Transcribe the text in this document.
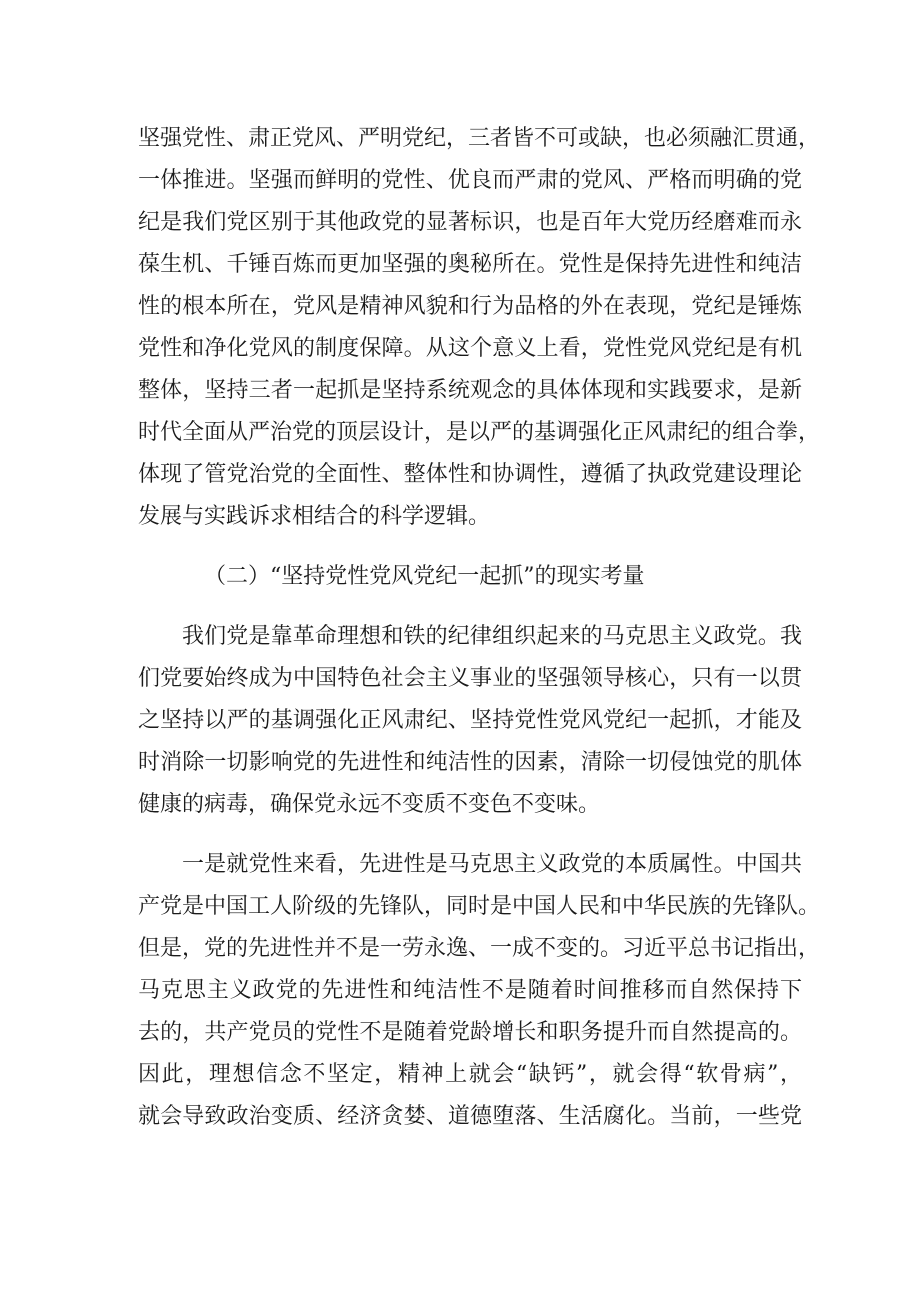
坚强党性、肃正党风、严明党纪，三者皆不可或缺，也必须融汇贯通，
一体推进。坚强而鲜明的党性、优良而严肃的党风、严格而明确的党
纪是我们党区别于其他政党的显著标识，也是百年大党历经磨难而永
葆生机、千锤百炼而更加坚强的奥秘所在。党性是保持先进性和纯洁
性的根本所在，党风是精神风貌和行为品格的外在表现，党纪是锤炼
党性和净化党风的制度保障。从这个意义上看，党性党风党纪是有机
整体，坚持三者一起抓是坚持系统观念的具体体现和实践要求，是新
时代全面从严治党的顶层设计，是以严的基调强化正风肃纪的组合拳，
体现了管党治党的全面性、整体性和协调性，遵循了执政党建设理论
发展与实践诉求相结合的科学逻辑。
（二）“坚持党性党风党纪一起抓”的现实考量
我们党是靠革命理想和铁的纪律组织起来的马克思主义政党。我
们党要始终成为中国特色社会主义事业的坚强领导核心，只有一以贯
之坚持以严的基调强化正风肃纪、坚持党性党风党纪一起抓，才能及
时消除一切影响党的先进性和纯洁性的因素，清除一切侵蚀党的肌体
健康的病毒，确保党永远不变质不变色不变味。
一是就党性来看，先进性是马克思主义政党的本质属性。中国共
产党是中国工人阶级的先锋队，同时是中国人民和中华民族的先锋队。
但是，党的先进性并不是一劳永逸、一成不变的。习近平总书记指出，
马克思主义政党的先进性和纯洁性不是随着时间推移而自然保持下
去的，共产党员的党性不是随着党龄增长和职务提升而自然提高的。
因此，理想信念不坚定，精神上就会“缺钙”，就会得“软骨病”，
就会导致政治变质、经济贪婪、道德堕落、生活腐化。当前，一些党
